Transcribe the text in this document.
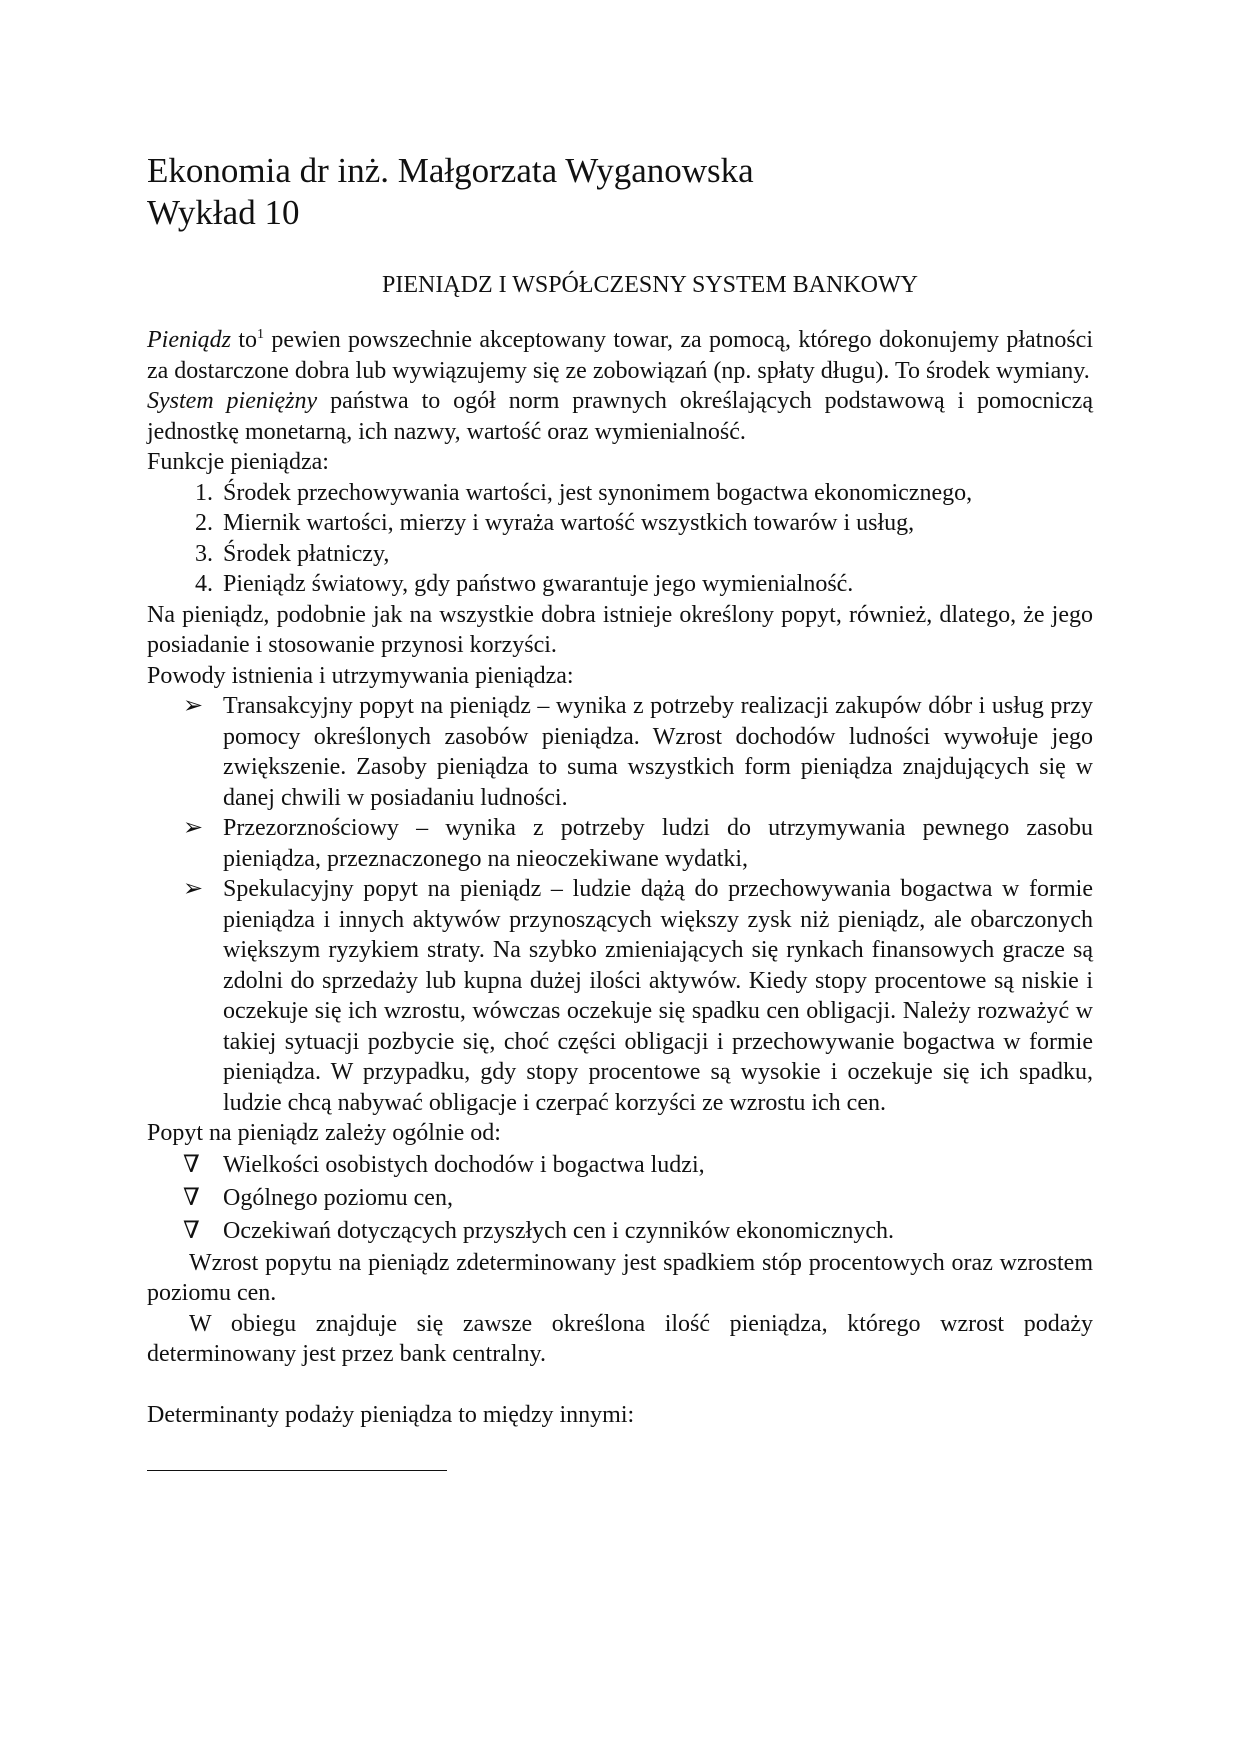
Ekonomia dr inż. Małgorzata Wyganowska
Wykład 10
PIENIĄDZ I WSPÓŁCZESNY SYSTEM BANKOWY

Pieniądz $to^1$ pewien powszechnie akceptowany towar, za pomocą, którego dokonujemy płatności za dostarczone dobra lub wywiązujemy się ze zobowiązań (np. spłaty długu). To środek wymiany.

System pieniężny państwa to ogół norm prawnych określających podstawową i pomocniczą jednostkę monetarną, ich nazwy, wartość oraz wymienialność.

Funkcje pieniądza:

1. Środek przechowywania wartości, jest synonimem bogactwa ekonomicznego,
2. Miernik wartości, mierzy i wyraża wartość wszystkich towarów i usług,
3. Środek płatniczy,
4. Pieniądz światowy, gdy państwo gwarantuje jego wymienialność.

Na pieniądz, podobnie jak na wszystkie dobra istnieje określony popyt, również, dlatego, że jego posiadanie i stosowanie przynosi korzyści.

Powody istnienia i utrzymywania pieniądza:

➢ Transakcyjny popyt na pieniądz – wynika z potrzeby realizacji zakupów dóbr i usług przy pomocy określonych zasobów pieniądza. Wzrost dochodów ludności wywołuje jego zwiększenie. Zasoby pieniądza to suma wszystkich form pieniądza znajdujących się w danej chwili w posiadaniu ludności.
➢ Przezorznościowy – wynika z potrzeby ludzi do utrzymywania pewnego zasobu pieniądza, przeznaczonego na nieoczekiwane wydatki,
➢ Spekulacyjny popyt na pieniądz – ludzie dążą do przechowywania bogactwa w formie pieniądza i innych aktywów przynoszących większy zysk niż pieniądz, ale obarczonych większym ryzykiem straty. Na szybko zmieniających się rynkach finansowych gracze są zdolni do sprzedaży lub kupna dużej ilości aktywów. Kiedy stopy procentowe są niskie i oczekuje się ich wzrostu, wówczas oczekuje się spadku cen obligacji. Należy rozważyć w takiej sytuacji pozbycie się, choć części obligacji i przechowywanie bogactwa w formie pieniądza. W przypadku, gdy stopy procentowe są wysokie i oczekuje się ich spadku, ludzie chcą nabywać obligacje i czerpać korzyści ze wzrostu ich cen.

Popyt na pieniądz zależy ogólnie od:

∇ Wielkości osobistych dochodów i bogactwa ludzi,
∇ Ogólnego poziomu cen,
∇ Oczekiwań dotyczących przyszłych cen i czynników ekonomicznych.

Wzrost popytu na pieniądz zdeterminowany jest spadkiem stóp procentowych oraz wzrostem poziomu cen.

W obiegu znajduje się zawsze określona ilość pieniądza, którego wzrost podaży determinowany jest przez bank centralny.

Determinanty podaży pieniądza to między innymi:
